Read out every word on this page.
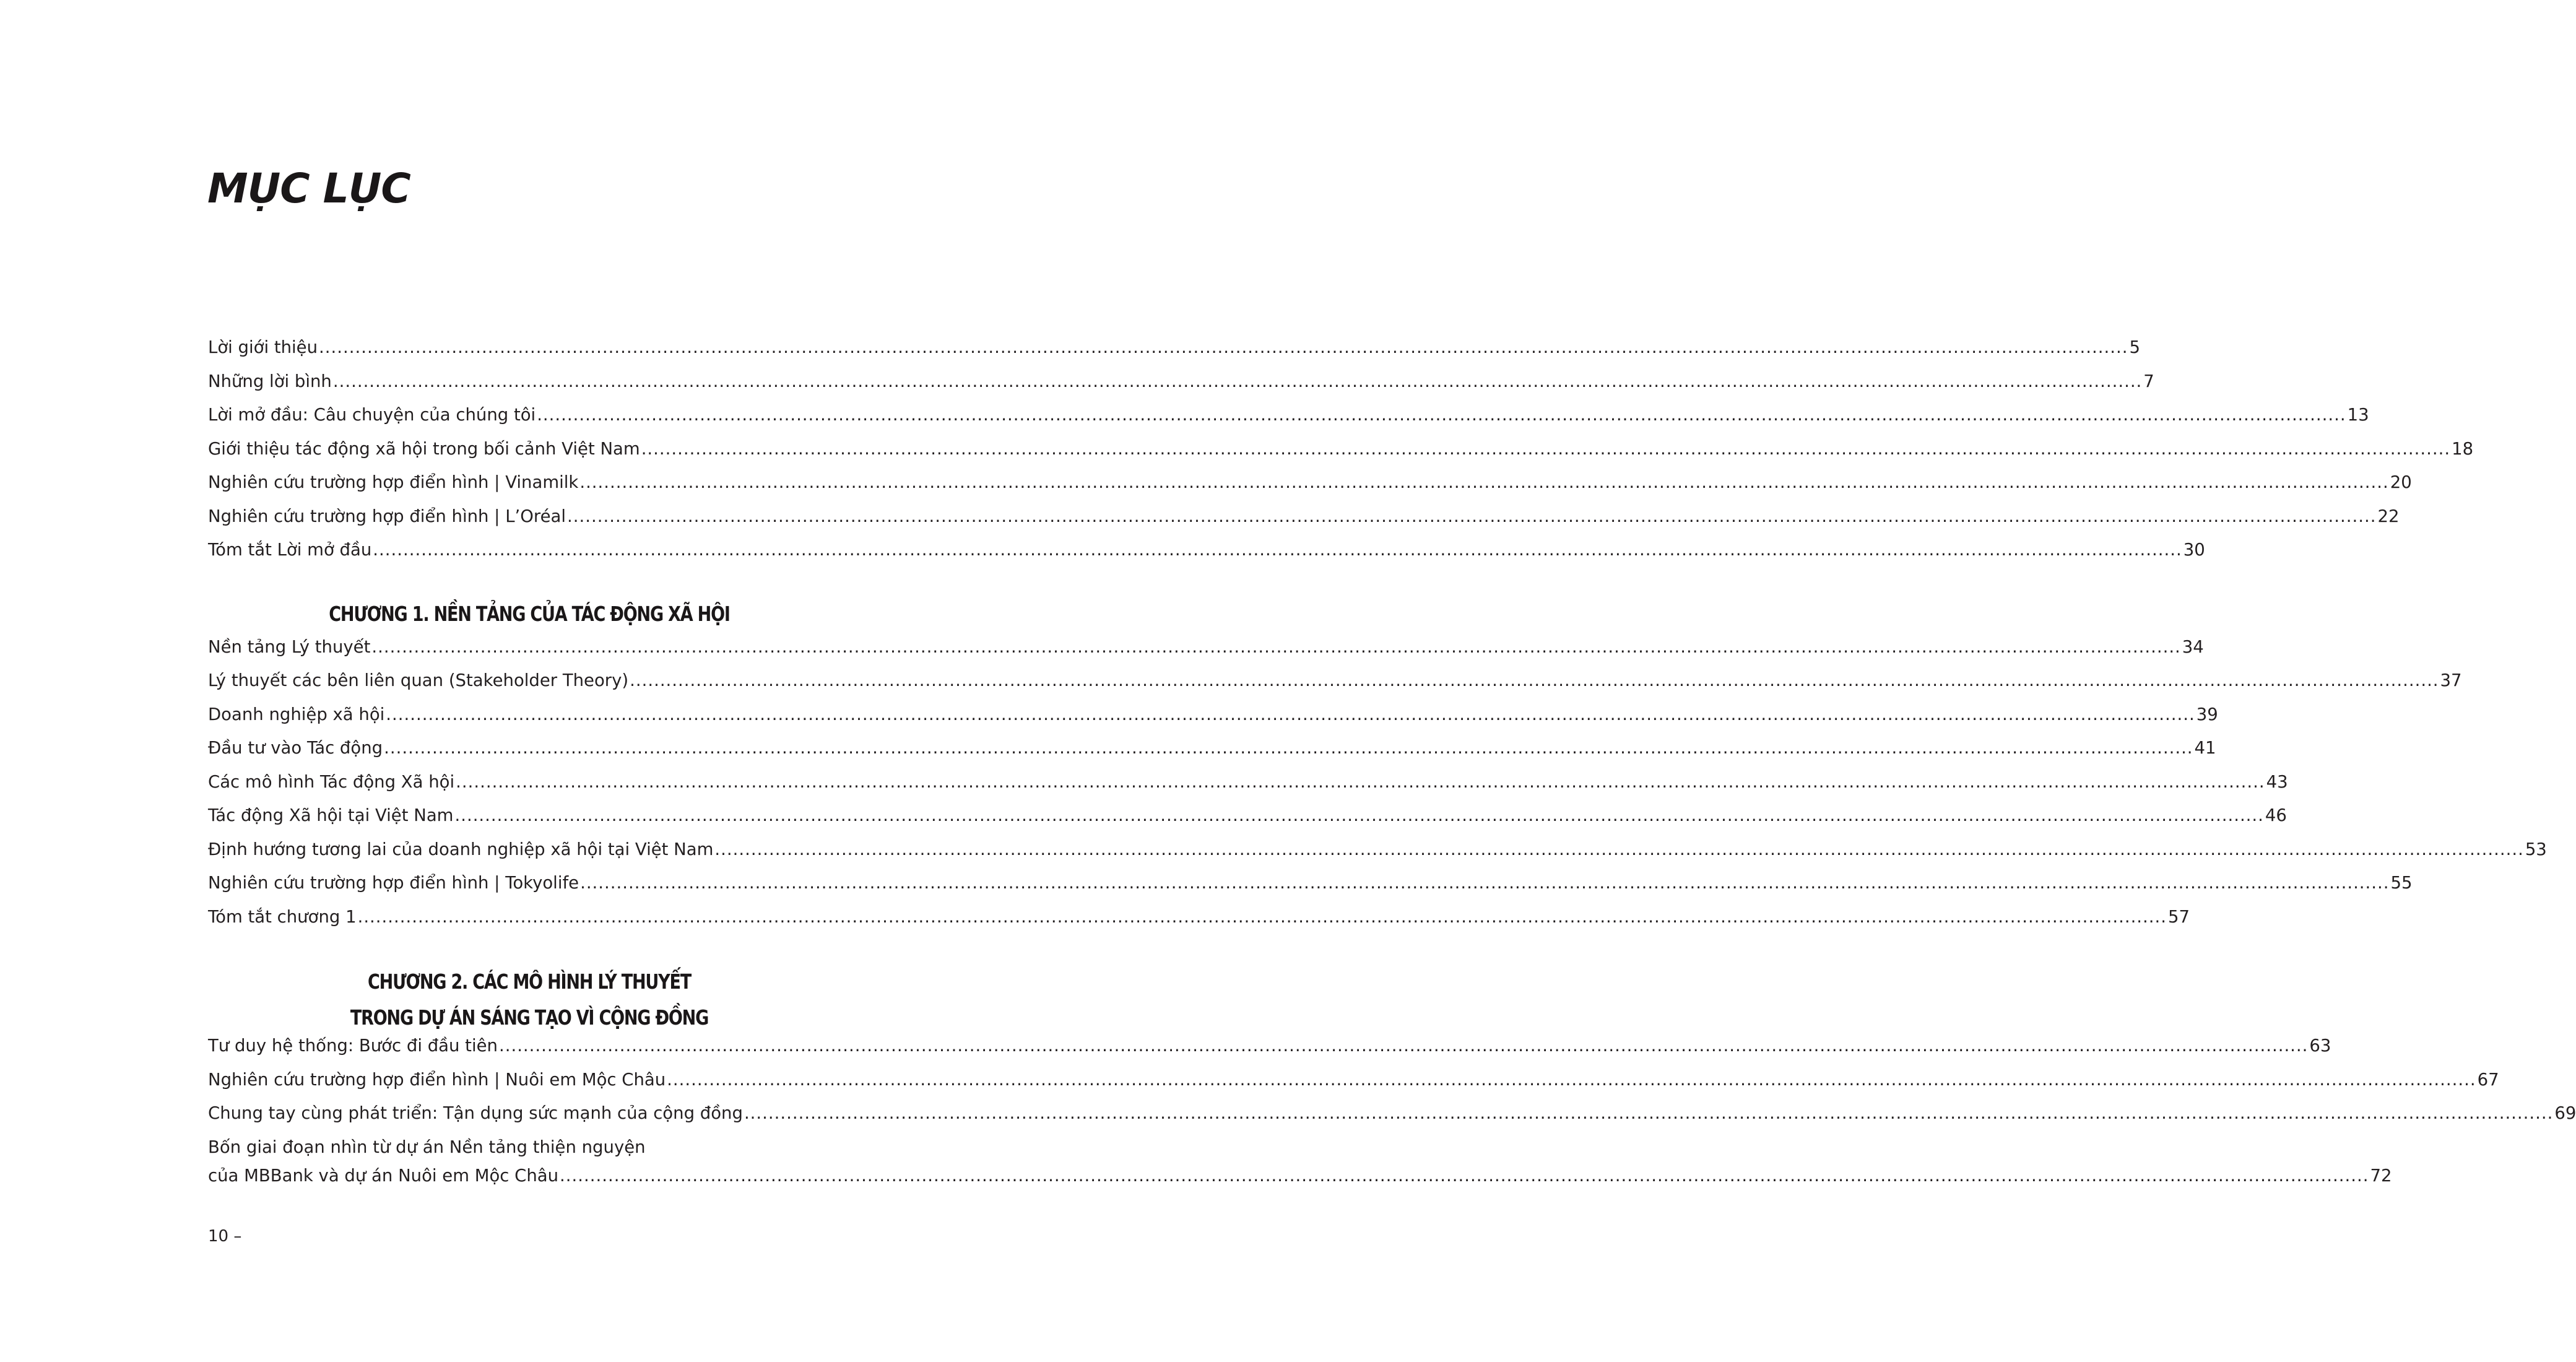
MỤC LỤC
Lời giới thiệu ............................................................................................................................................................................................................................................................................................................ 5
Những lời bình ............................................................................................................................................................................................................................................................................................................ 7
Lời mở đầu: Câu chuyện của chúng tôi ............................................................................................................................................................................................................................................................................................................ 13
Giới thiệu tác động xã hội trong bối cảnh Việt Nam ............................................................................................................................................................................................................................................................................................................ 18
Nghiên cứu trường hợp điển hình | Vinamilk ............................................................................................................................................................................................................................................................................................................ 20
Nghiên cứu trường hợp điển hình | L’Oréal ............................................................................................................................................................................................................................................................................................................ 22
Tóm tắt Lời mở đầu ............................................................................................................................................................................................................................................................................................................ 30
CHƯƠNG 1. NỀN TẢNG CỦA TÁC ĐỘNG XÃ HỘI
Nền tảng Lý thuyết ............................................................................................................................................................................................................................................................................................................ 34
Lý thuyết các bên liên quan (Stakeholder Theory) ............................................................................................................................................................................................................................................................................................................ 37
Doanh nghiệp xã hội ............................................................................................................................................................................................................................................................................................................ 39
Đầu tư vào Tác động ............................................................................................................................................................................................................................................................................................................ 41
Các mô hình Tác động Xã hội ............................................................................................................................................................................................................................................................................................................ 43
Tác động Xã hội tại Việt Nam ............................................................................................................................................................................................................................................................................................................ 46
Định hướng tương lai của doanh nghiệp xã hội tại Việt Nam ............................................................................................................................................................................................................................................................................................................ 53
Nghiên cứu trường hợp điển hình | Tokyolife ............................................................................................................................................................................................................................................................................................................ 55
Tóm tắt chương 1 ............................................................................................................................................................................................................................................................................................................ 57
CHƯƠNG 2. CÁC MÔ HÌNH LÝ THUYẾT
TRONG DỰ ÁN SÁNG TẠO VÌ CỘNG ĐỒNG
Tư duy hệ thống: Bước đi đầu tiên ............................................................................................................................................................................................................................................................................................................ 63
Nghiên cứu trường hợp điển hình | Nuôi em Mộc Châu ............................................................................................................................................................................................................................................................................................................ 67
Chung tay cùng phát triển: Tận dụng sức mạnh của cộng đồng ............................................................................................................................................................................................................................................................................................................ 69
Bốn giai đoạn nhìn từ dự án Nền tảng thiện nguyện
của MBBank và dự án Nuôi em Mộc Châu ............................................................................................................................................................................................................................................................................................................ 72
10 –
